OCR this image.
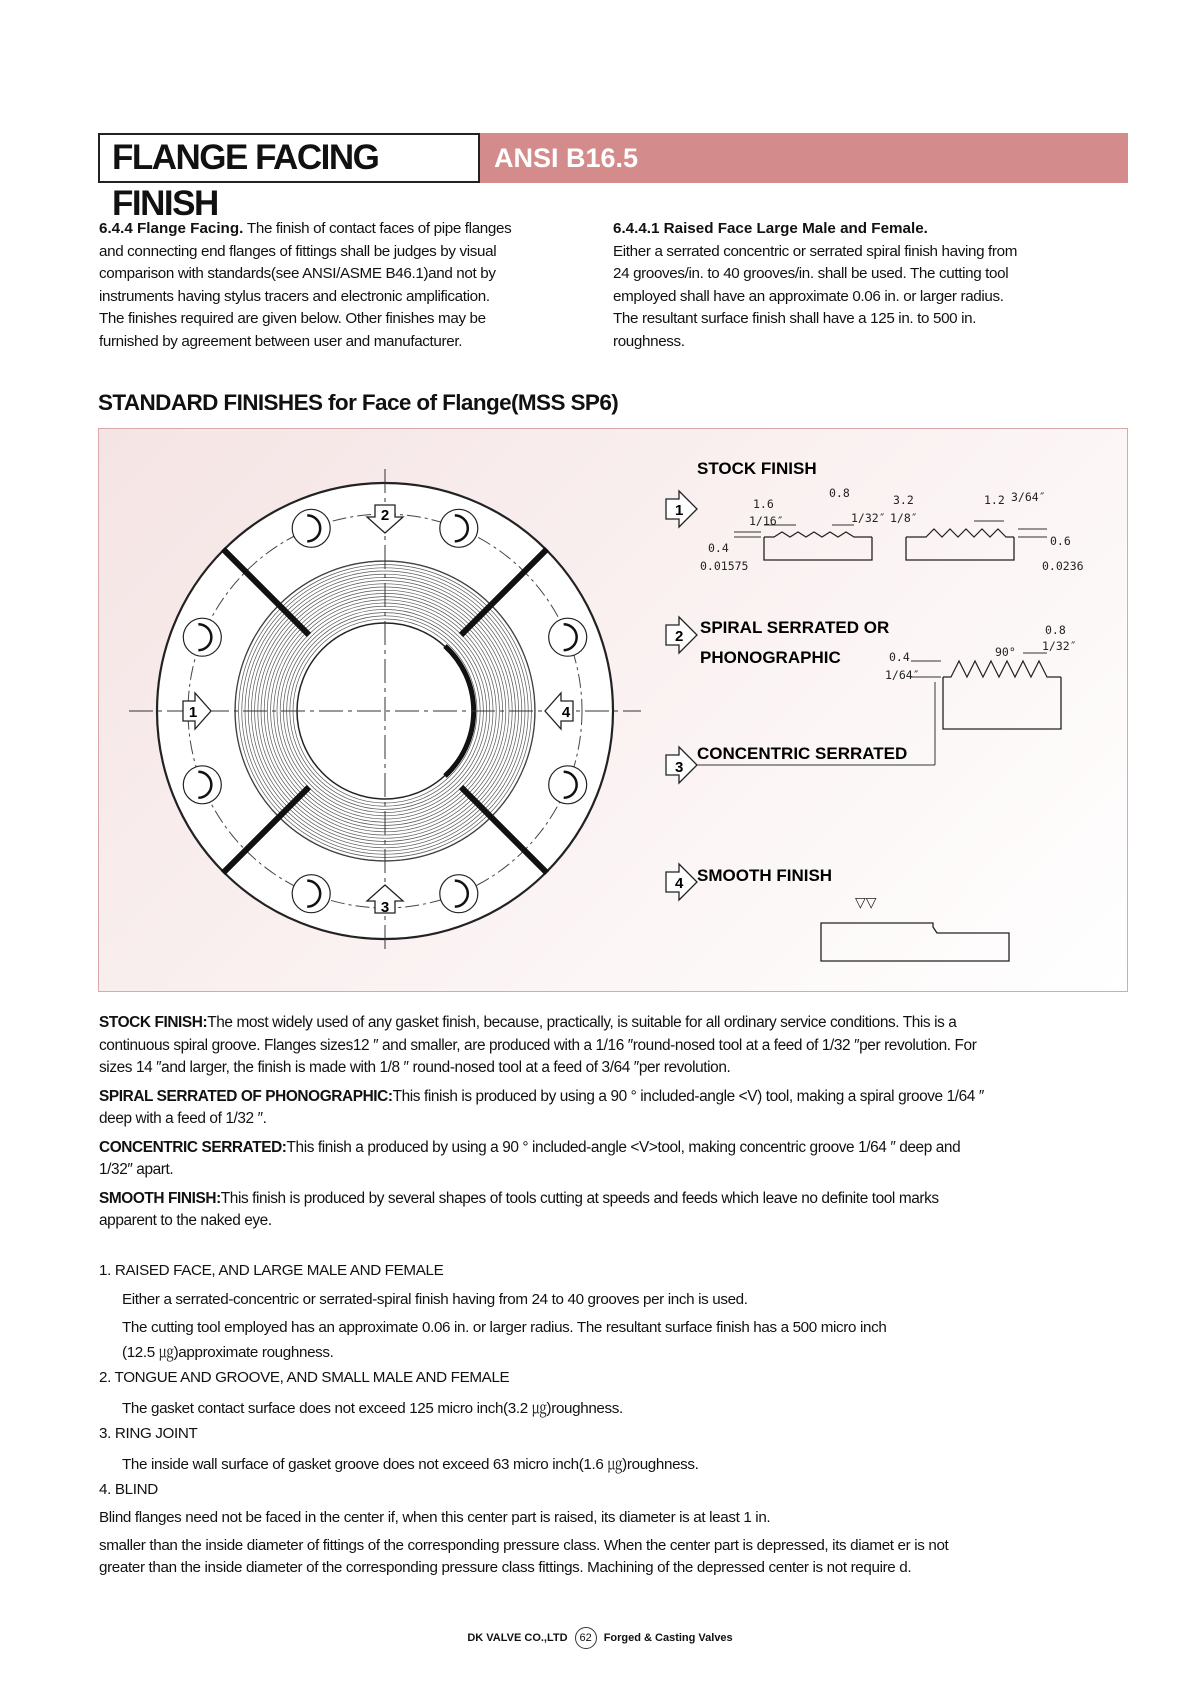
FLANGE FACING FINISH
ANSI B16.5
6.4.4 Flange Facing. The finish of contact faces of pipe flanges
and connecting end flanges of fittings shall be judges by visual
comparison with standards(see ANSI/ASME B46.1)and not by
instruments having stylus tracers and electronic amplification.
The finishes required are given below. Other finishes may be
furnished by agreement between user and manufacturer.
6.4.4.1 Raised Face Large Male and Female.
Either a serrated concentric or serrated spiral finish having from
24 grooves/in. to 40 grooves/in. shall be used. The cutting tool
employed shall have an approximate 0.06 in. or larger radius.
The resultant surface finish shall have a 125 in. to 500 in.
roughness.
STANDARD FINISHES for Face of Flange(MSS SP6)
2
3
1	4
STOCK FINISH
1	1.6
0.8
1/16″	1/32″
0.4
0.01575
3.2	1.2 3/64″
1/8″
0.6
0.0236
2 SPIRAL SERRATED OR
PHONOGRAPHIC
0.8
1/32″
90°
0.4
1/64″
3
CONCENTRIC SERRATED
4 SMOOTH FINISH
▽▽

STOCK FINISH:The most widely used of any gasket finish, because, practically, is suitable for all ordinary service conditions. This is a
continuous spiral groove. Flanges sizes12 ″ and smaller, are produced with a 1/16 ″round-nosed tool at a feed of 1/32 ″per revolution. For
sizes 14 ″and larger, the finish is made with 1/8 ″ round-nosed tool at a feed of 3/64 ″per revolution.

SPIRAL SERRATED OF PHONOGRAPHIC:This finish is produced by using a 90 ° included-angle <V) tool, making a spiral groove 1/64 ″
deep with a feed of 1/32 ″.

CONCENTRIC SERRATED:This finish a produced by using a 90 ° included-angle <V>tool, making concentric groove 1/64 ″ deep and
1/32″ apart.

SMOOTH FINISH:This finish is produced by several shapes of tools cutting at speeds and feeds which leave no definite tool marks
apparent to the naked eye.

1. RAISED FACE, AND LARGE MALE AND FEMALE
Either a serrated-concentric or serrated-spiral finish having from 24 to 40 grooves per inch is used.
The cutting tool employed has an approximate 0.06 in. or larger radius. The resultant surface finish has a 500 micro inch
(12.5 ㎍)approximate roughness.
2. TONGUE AND GROOVE, AND SMALL MALE AND FEMALE
The gasket contact surface does not exceed 125 micro inch(3.2 ㎍)roughness.
3. RING JOINT
The inside wall surface of gasket groove does not exceed 63 micro inch(1.6 ㎍)roughness.
4. BLIND
Blind flanges need not be faced in the center if, when this center part is raised, its diameter is at least 1 in.
smaller than the inside diameter of fittings of the corresponding pressure class. When the center part is depressed, its diamet er is not
greater than the inside diameter of the corresponding pressure class fittings. Machining of the depressed center is not require d.
DK VALVE CO.,LTD 62 Forged & Casting Valves
